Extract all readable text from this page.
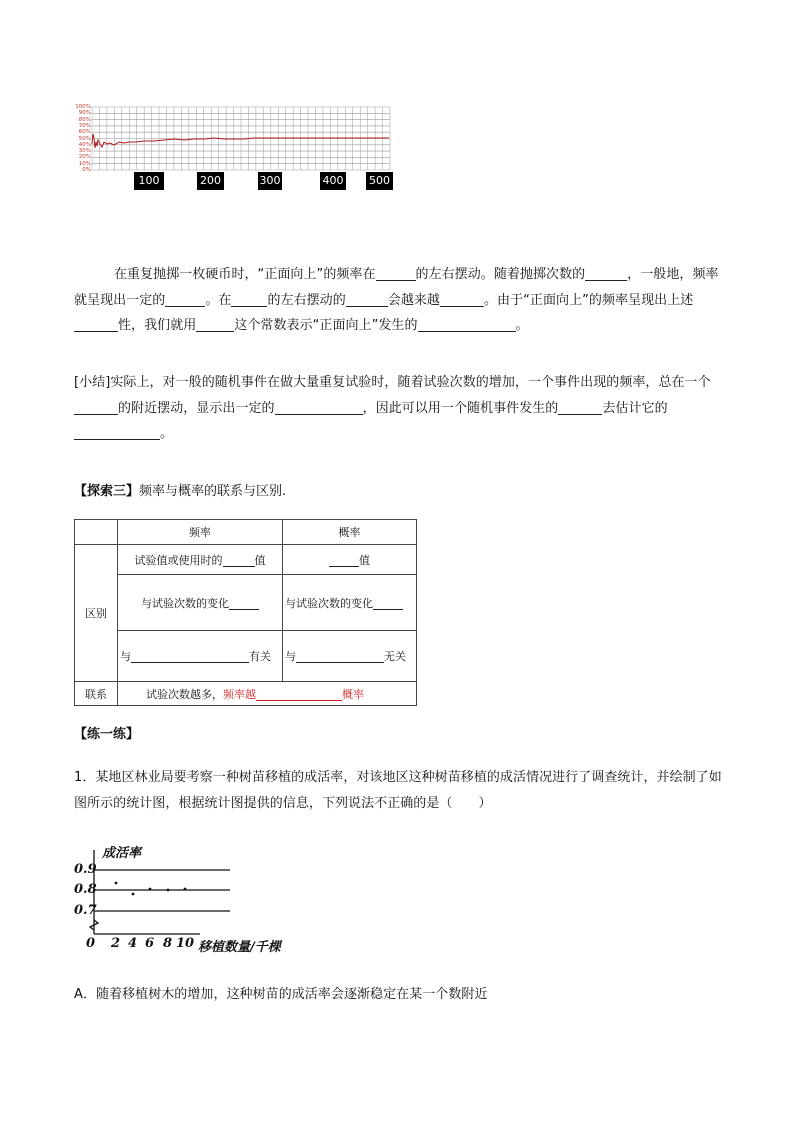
100%
90%
80%
70%
60%
50%
40%
30%
20%
10%
0%
100	200	300	400 500
在重复抛掷一枚硬币时，“正面向上”的频率在	的左右摆动。随着抛掷次数的	，一般地，频率就呈现出一定的	。在	的左右摆动的	会越来越	。由于“正面向上”的频率呈现出上述性，我们就用	这个常数表示“正面向上”发生的	。
[小结]实际上，对一般的随机事件在做大量重复试验时，随着试验次数的增加，一个事件出现的频率，总在一个的附近摆动，显示出一定的	，因此可以用一个随机事件发生的	去估计它的。
【探索三】频率与概率的联系与区别.
	频率	概率
区别	试验值或使用时的 值	值
	与试验次数的变化	与试验次数的变化
	与 有关	与 无关
联系	试验次数越多，频率越 概率	
【练一练】
1．某地区林业局要考察一种树苗移植的成活率，对该地区这种树苗移植的成活情况进行了调查统计，并绘制了如图所示的统计图，根据统计图提供的信息，下列说法不正确的是（　　）
成活率
0.9
0.8
0.7
0 2 4 6 8 10 移植数量/千棵
A．随着移植树木的增加，这种树苗的成活率会逐渐稳定在某一个数附近
